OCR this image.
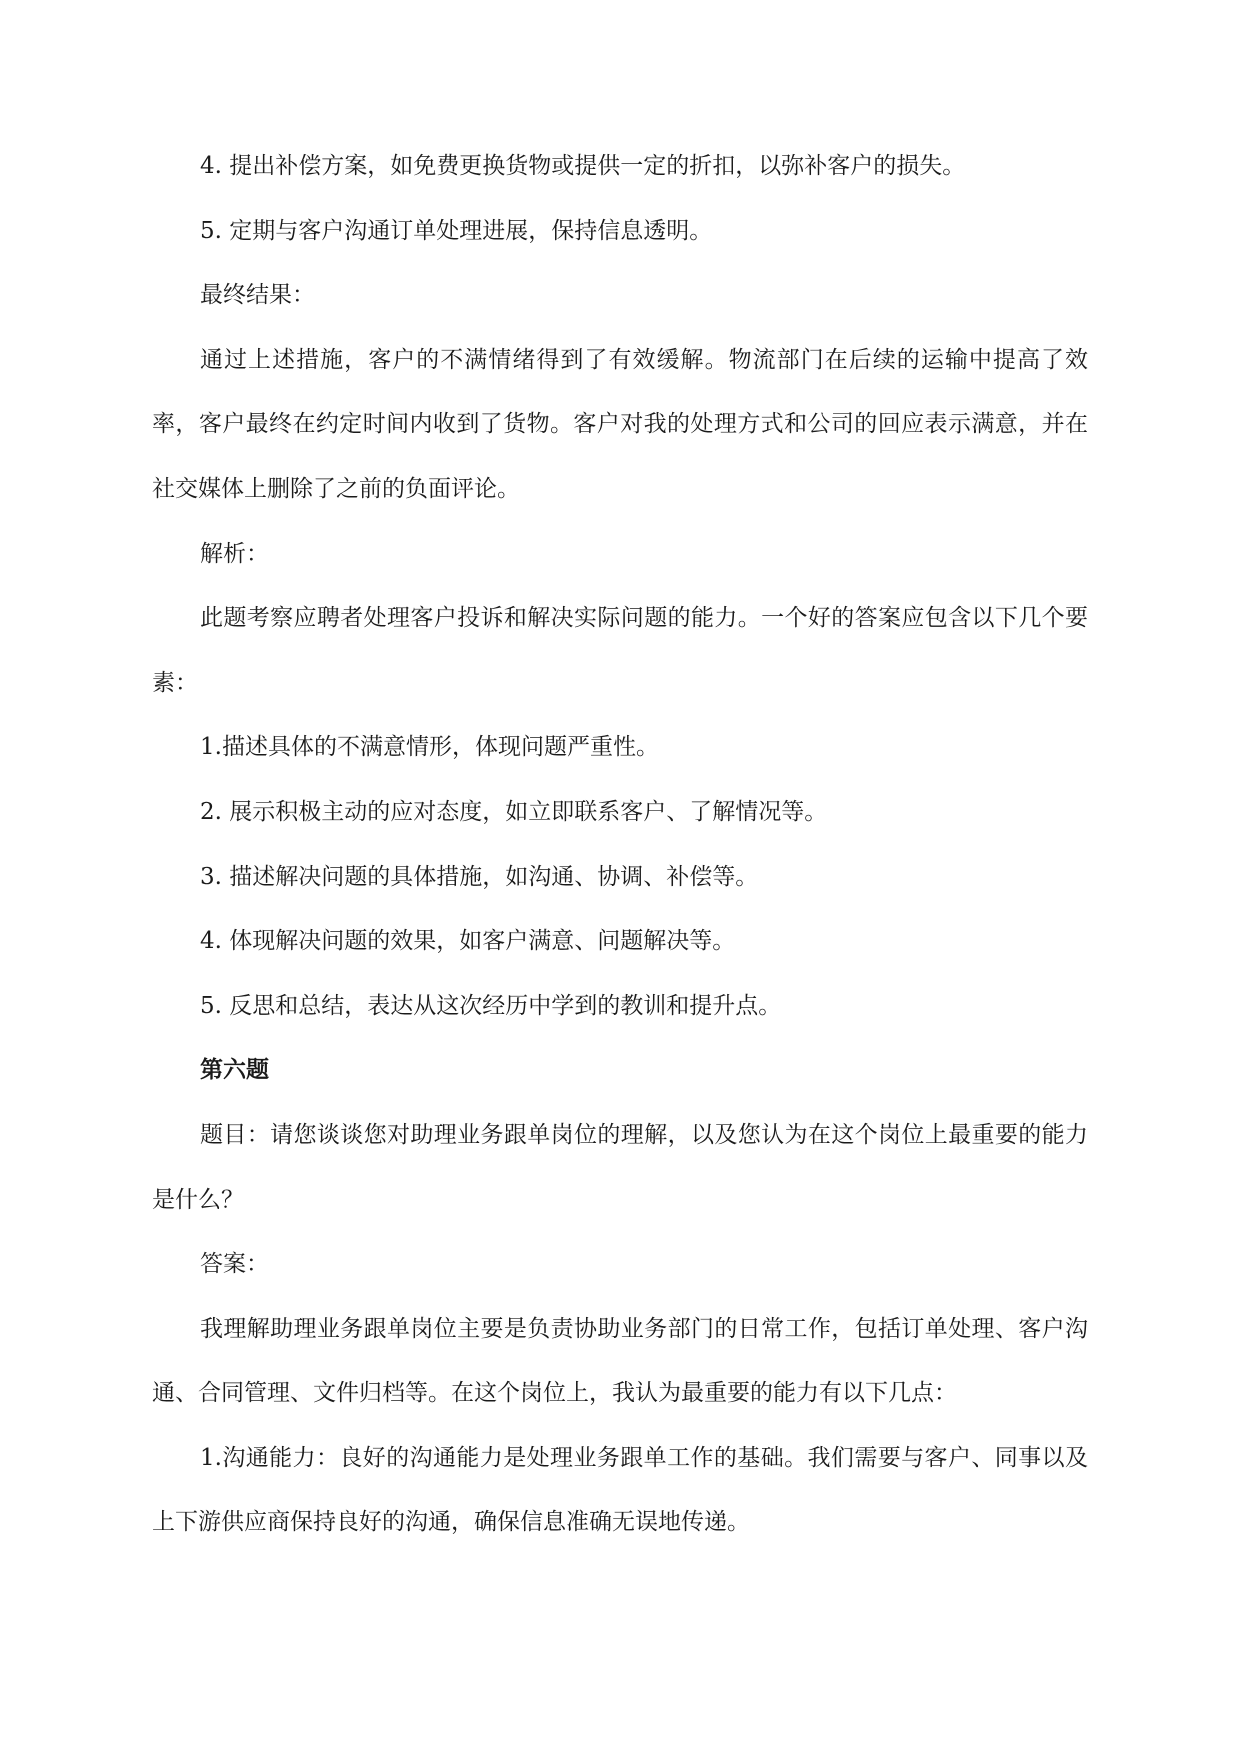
4. 提出补偿方案，如免费更换货物或提供一定的折扣，以弥补客户的损失。

5. 定期与客户沟通订单处理进展，保持信息透明。

最终结果：

通过上述措施，客户的不满情绪得到了有效缓解。物流部门在后续的运输中提高了效率，客户最终在约定时间内收到了货物。客户对我的处理方式和公司的回应表示满意，并在社交媒体上删除了之前的负面评论。

解析：

此题考察应聘者处理客户投诉和解决实际问题的能力。一个好的答案应包含以下几个要素：

1.描述具体的不满意情形，体现问题严重性。

2. 展示积极主动的应对态度，如立即联系客户、了解情况等。

3. 描述解决问题的具体措施，如沟通、协调、补偿等。

4. 体现解决问题的效果，如客户满意、问题解决等。

5. 反思和总结，表达从这次经历中学到的教训和提升点。

第六题

题目：请您谈谈您对助理业务跟单岗位的理解，以及您认为在这个岗位上最重要的能力是什么？

答案：

我理解助理业务跟单岗位主要是负责协助业务部门的日常工作，包括订单处理、客户沟通、合同管理、文件归档等。在这个岗位上，我认为最重要的能力有以下几点：

1.沟通能力：良好的沟通能力是处理业务跟单工作的基础。我们需要与客户、同事以及上下游供应商保持良好的沟通，确保信息准确无误地传递。
